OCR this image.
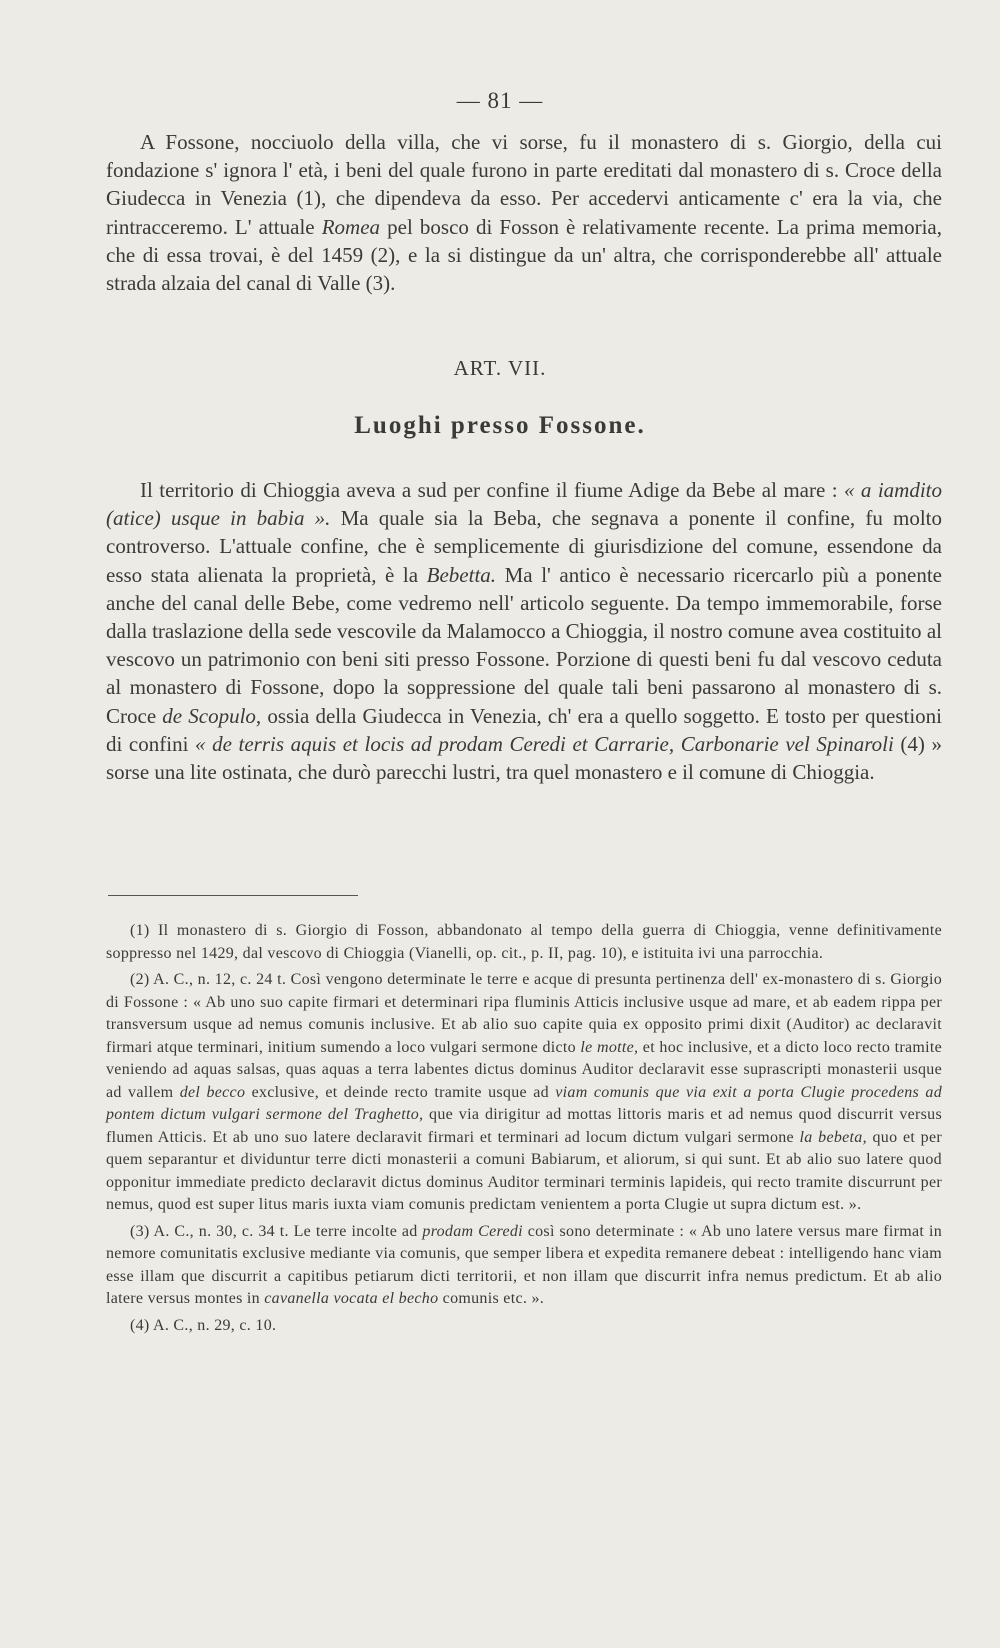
— 81 —

A Fossone, nocciuolo della villa, che vi sorse, fu il monastero di s. Giorgio, della cui fondazione s' ignora l' età, i beni del quale furono in parte ereditati dal monastero di s. Croce della Giudecca in Venezia (1), che dipendeva da esso. Per accedervi anticamente c' era la via, che rintracceremo. L' attuale Romea pel bosco di Fosson è relativamente recente. La prima memoria, che di essa trovai, è del 1459 (2), e la si distingue da un' altra, che corrisponderebbe all' attuale strada alzaia del canal di Valle (3).

ART. VII.
Luoghi presso Fossone.

Il territorio di Chioggia aveva a sud per confine il fiume Adige da Bebe al mare : « a iamdito (atice) usque in babia ». Ma quale sia la Beba, che segnava a ponente il confine, fu molto controverso. L'attuale confine, che è semplicemente di giurisdizione del comune, essendone da esso stata alienata la proprietà, è la Bebetta. Ma l' antico è necessario ricercarlo più a ponente anche del canal delle Bebe, come vedremo nell' articolo seguente. Da tempo immemorabile, forse dalla traslazione della sede vescovile da Malamocco a Chioggia, il nostro comune avea costituito al vescovo un patrimonio con beni siti presso Fossone. Porzione di questi beni fu dal vescovo ceduta al monastero di Fossone, dopo la soppressione del quale tali beni passarono al monastero di s. Croce de Scopulo, ossia della Giudecca in Venezia, ch' era a quello soggetto. E tosto per questioni di confini « de terris aquis et locis ad prodam Ceredi et Carrarie, Carbonarie vel Spinaroli (4) » sorse una lite ostinata, che durò parecchi lustri, tra quel monastero e il comune di Chioggia.

(1) Il monastero di s. Giorgio di Fosson, abbandonato al tempo della guerra di Chioggia, venne definitivamente soppresso nel 1429, dal vescovo di Chioggia (Vianelli, op. cit., p. II, pag. 10), e istituita ivi una parrocchia.

(2) A. C., n. 12, c. 24 t. Così vengono determinate le terre e acque di presunta pertinenza dell' ex-monastero di s. Giorgio di Fossone : « Ab uno suo capite firmari et determinari ripa fluminis Atticis inclusive usque ad mare, et ab eadem rippa per transversum usque ad nemus comunis inclusive. Et ab alio suo capite quia ex opposito primi dixit (Auditor) ac declaravit firmari atque terminari, initium sumendo a loco vulgari sermone dicto le motte, et hoc inclusive, et a dicto loco recto tramite veniendo ad aquas salsas, quas aquas a terra labentes dictus dominus Auditor declaravit esse suprascripti monasterii usque ad vallem del becco exclusive, et deinde recto tramite usque ad viam comunis que via exit a porta Clugie procedens ad pontem dictum vulgari sermone del Traghetto, que via dirigitur ad mottas littoris maris et ad nemus quod discurrit versus flumen Atticis. Et ab uno suo latere declaravit firmari et terminari ad locum dictum vulgari sermone la bebeta, quo et per quem separantur et dividuntur terre dicti monasterii a comuni Babiarum, et aliorum, si qui sunt. Et ab alio suo latere quod opponitur immediate predicto declaravit dictus dominus Auditor terminari terminis lapideis, qui recto tramite discurrunt per nemus, quod est super litus maris iuxta viam comunis predictam venientem a porta Clugie ut supra dictum est. ».

(3) A. C., n. 30, c. 34 t. Le terre incolte ad prodam Ceredi così sono determinate : « Ab uno latere versus mare firmat in nemore comunitatis exclusive mediante via comunis, que semper libera et expedita remanere debeat : intelligendo hanc viam esse illam que discurrit a capitibus petiarum dicti territorii, et non illam que discurrit infra nemus predictum. Et ab alio latere versus montes in cavanella vocata el becho comunis etc. ».

(4) A. C., n. 29, c. 10.
